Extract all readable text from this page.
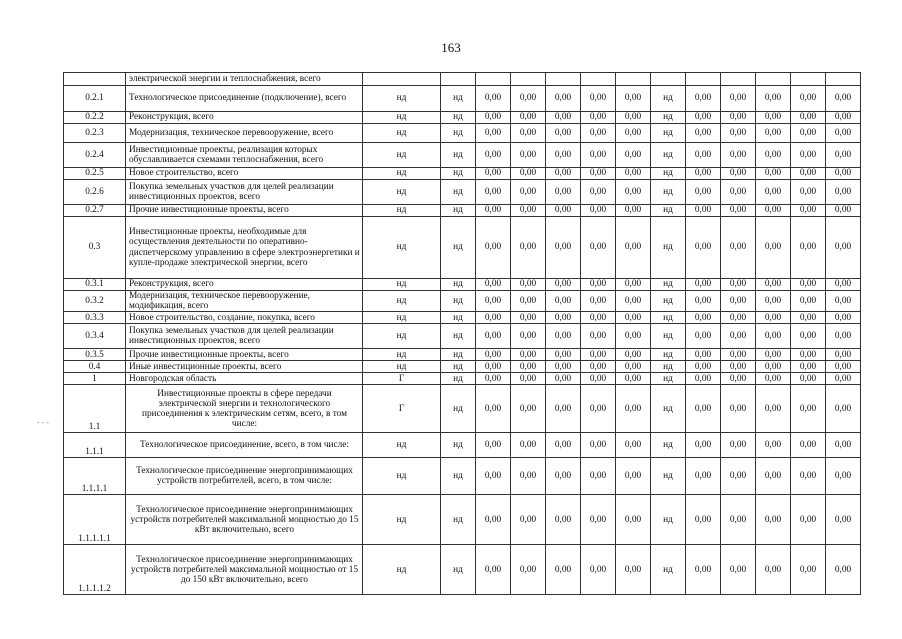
163
- - -
	электрической энергии и теплоснабжения, всего													
0.2.1	Технологическое присоединение (подключение), всего	нд	нд	0,00	0,00	0,00	0,00	0,00	нд	0,00	0,00	0,00	0,00	0,00
0.2.2	Реконструкция, всего	нд	нд	0,00	0,00	0,00	0,00	0,00	нд	0,00	0,00	0,00	0,00	0,00
0.2.3	Модернизация, техническое перевооружение, всего	нд	нд	0,00	0,00	0,00	0,00	0,00	нд	0,00	0,00	0,00	0,00	0,00
0.2.4	Инвестиционные проекты, реализация которых обуславливается схемами теплоснабжения, всего	нд	нд	0,00	0,00	0,00	0,00	0,00	нд	0,00	0,00	0,00	0,00	0,00
0.2.5	Новое строительство, всего	нд	нд	0,00	0,00	0,00	0,00	0,00	нд	0,00	0,00	0,00	0,00	0,00
0.2.6	Покупка земельных участков для целей реализации инвестиционных проектов, всего	нд	нд	0,00	0,00	0,00	0,00	0,00	нд	0,00	0,00	0,00	0,00	0,00
0.2.7	Прочие инвестиционные проекты, всего	нд	нд	0,00	0,00	0,00	0,00	0,00	нд	0,00	0,00	0,00	0,00	0,00
0.3	Инвестиционные проекты, необходимые для осуществления деятельности по оперативно-диспетчерскому управлению в сфере электроэнергетики и купле-продаже электрической энергии, всего	нд	нд	0,00	0,00	0,00	0,00	0,00	нд	0,00	0,00	0,00	0,00	0,00
0.3.1	Реконструкция, всего	нд	нд	0,00	0,00	0,00	0,00	0,00	нд	0,00	0,00	0,00	0,00	0,00
0.3.2	Модернизация, техническое перевооружение, модификация, всего	нд	нд	0,00	0,00	0,00	0,00	0,00	нд	0,00	0,00	0,00	0,00	0,00
0.3.3	Новое строительство, создание, покупка, всего	нд	нд	0,00	0,00	0,00	0,00	0,00	нд	0,00	0,00	0,00	0,00	0,00
0.3.4	Покупка земельных участков для целей реализации инвестиционных проектов, всего	нд	нд	0,00	0,00	0,00	0,00	0,00	нд	0,00	0,00	0,00	0,00	0,00
0.3.5	Прочие инвестиционные проекты, всего	нд	нд	0,00	0,00	0,00	0,00	0,00	нд	0,00	0,00	0,00	0,00	0,00
0.4	Иные инвестиционные проекты, всего	нд	нд	0,00	0,00	0,00	0,00	0,00	нд	0,00	0,00	0,00	0,00	0,00
1	Новгородская область	Г	нд	0,00	0,00	0,00	0,00	0,00	нд	0,00	0,00	0,00	0,00	0,00
1.1	Инвестиционные проекты в сфере передачи электрической энергии и технологического присоединения к электрическим сетям, всего, в том числе:	Г	нд	0,00	0,00	0,00	0,00	0,00	нд	0,00	0,00	0,00	0,00	0,00
1.1.1	Технологическое присоединение, всего, в том числе:	нд	нд	0,00	0,00	0,00	0,00	0,00	нд	0,00	0,00	0,00	0,00	0,00
1.1.1.1	Технологическое присоединение энергопринимающих устройств потребителей, всего, в том числе:	нд	нд	0,00	0,00	0,00	0,00	0,00	нд	0,00	0,00	0,00	0,00	0,00
1.1.1.1.1	Технологическое присоединение энергопринимающих устройств потребителей максимальной мощностью до 15 кВт включительно, всего	нд	нд	0,00	0,00	0,00	0,00	0,00	нд	0,00	0,00	0,00	0,00	0,00
1.1.1.1.2	Технологическое присоединение энергопринимающих устройств потребителей максимальной мощностью от 15 до 150 кВт включительно, всего	нд	нд	0,00	0,00	0,00	0,00	0,00	нд	0,00	0,00	0,00	0,00	0,00
